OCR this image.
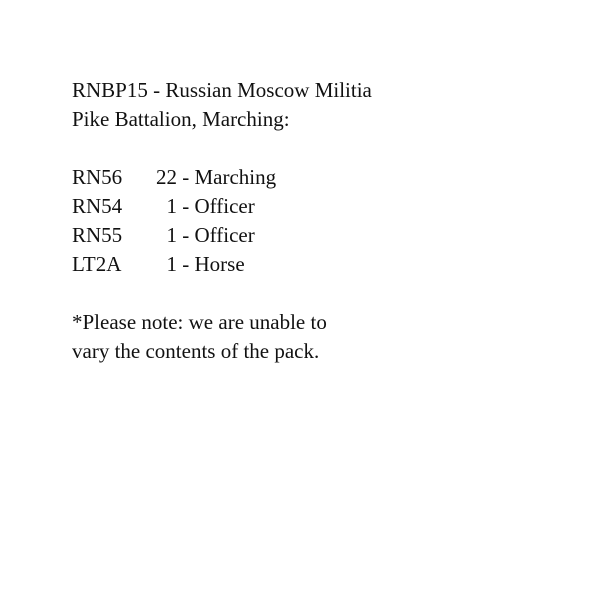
RNBP15 - Russian Moscow Militia
Pike Battalion, Marching:
RN56	22 - Marching
RN54	1 - Officer
RN55	1 - Officer
LT2A	1 - Horse
*Please note: we are unable to
vary the contents of the pack.
